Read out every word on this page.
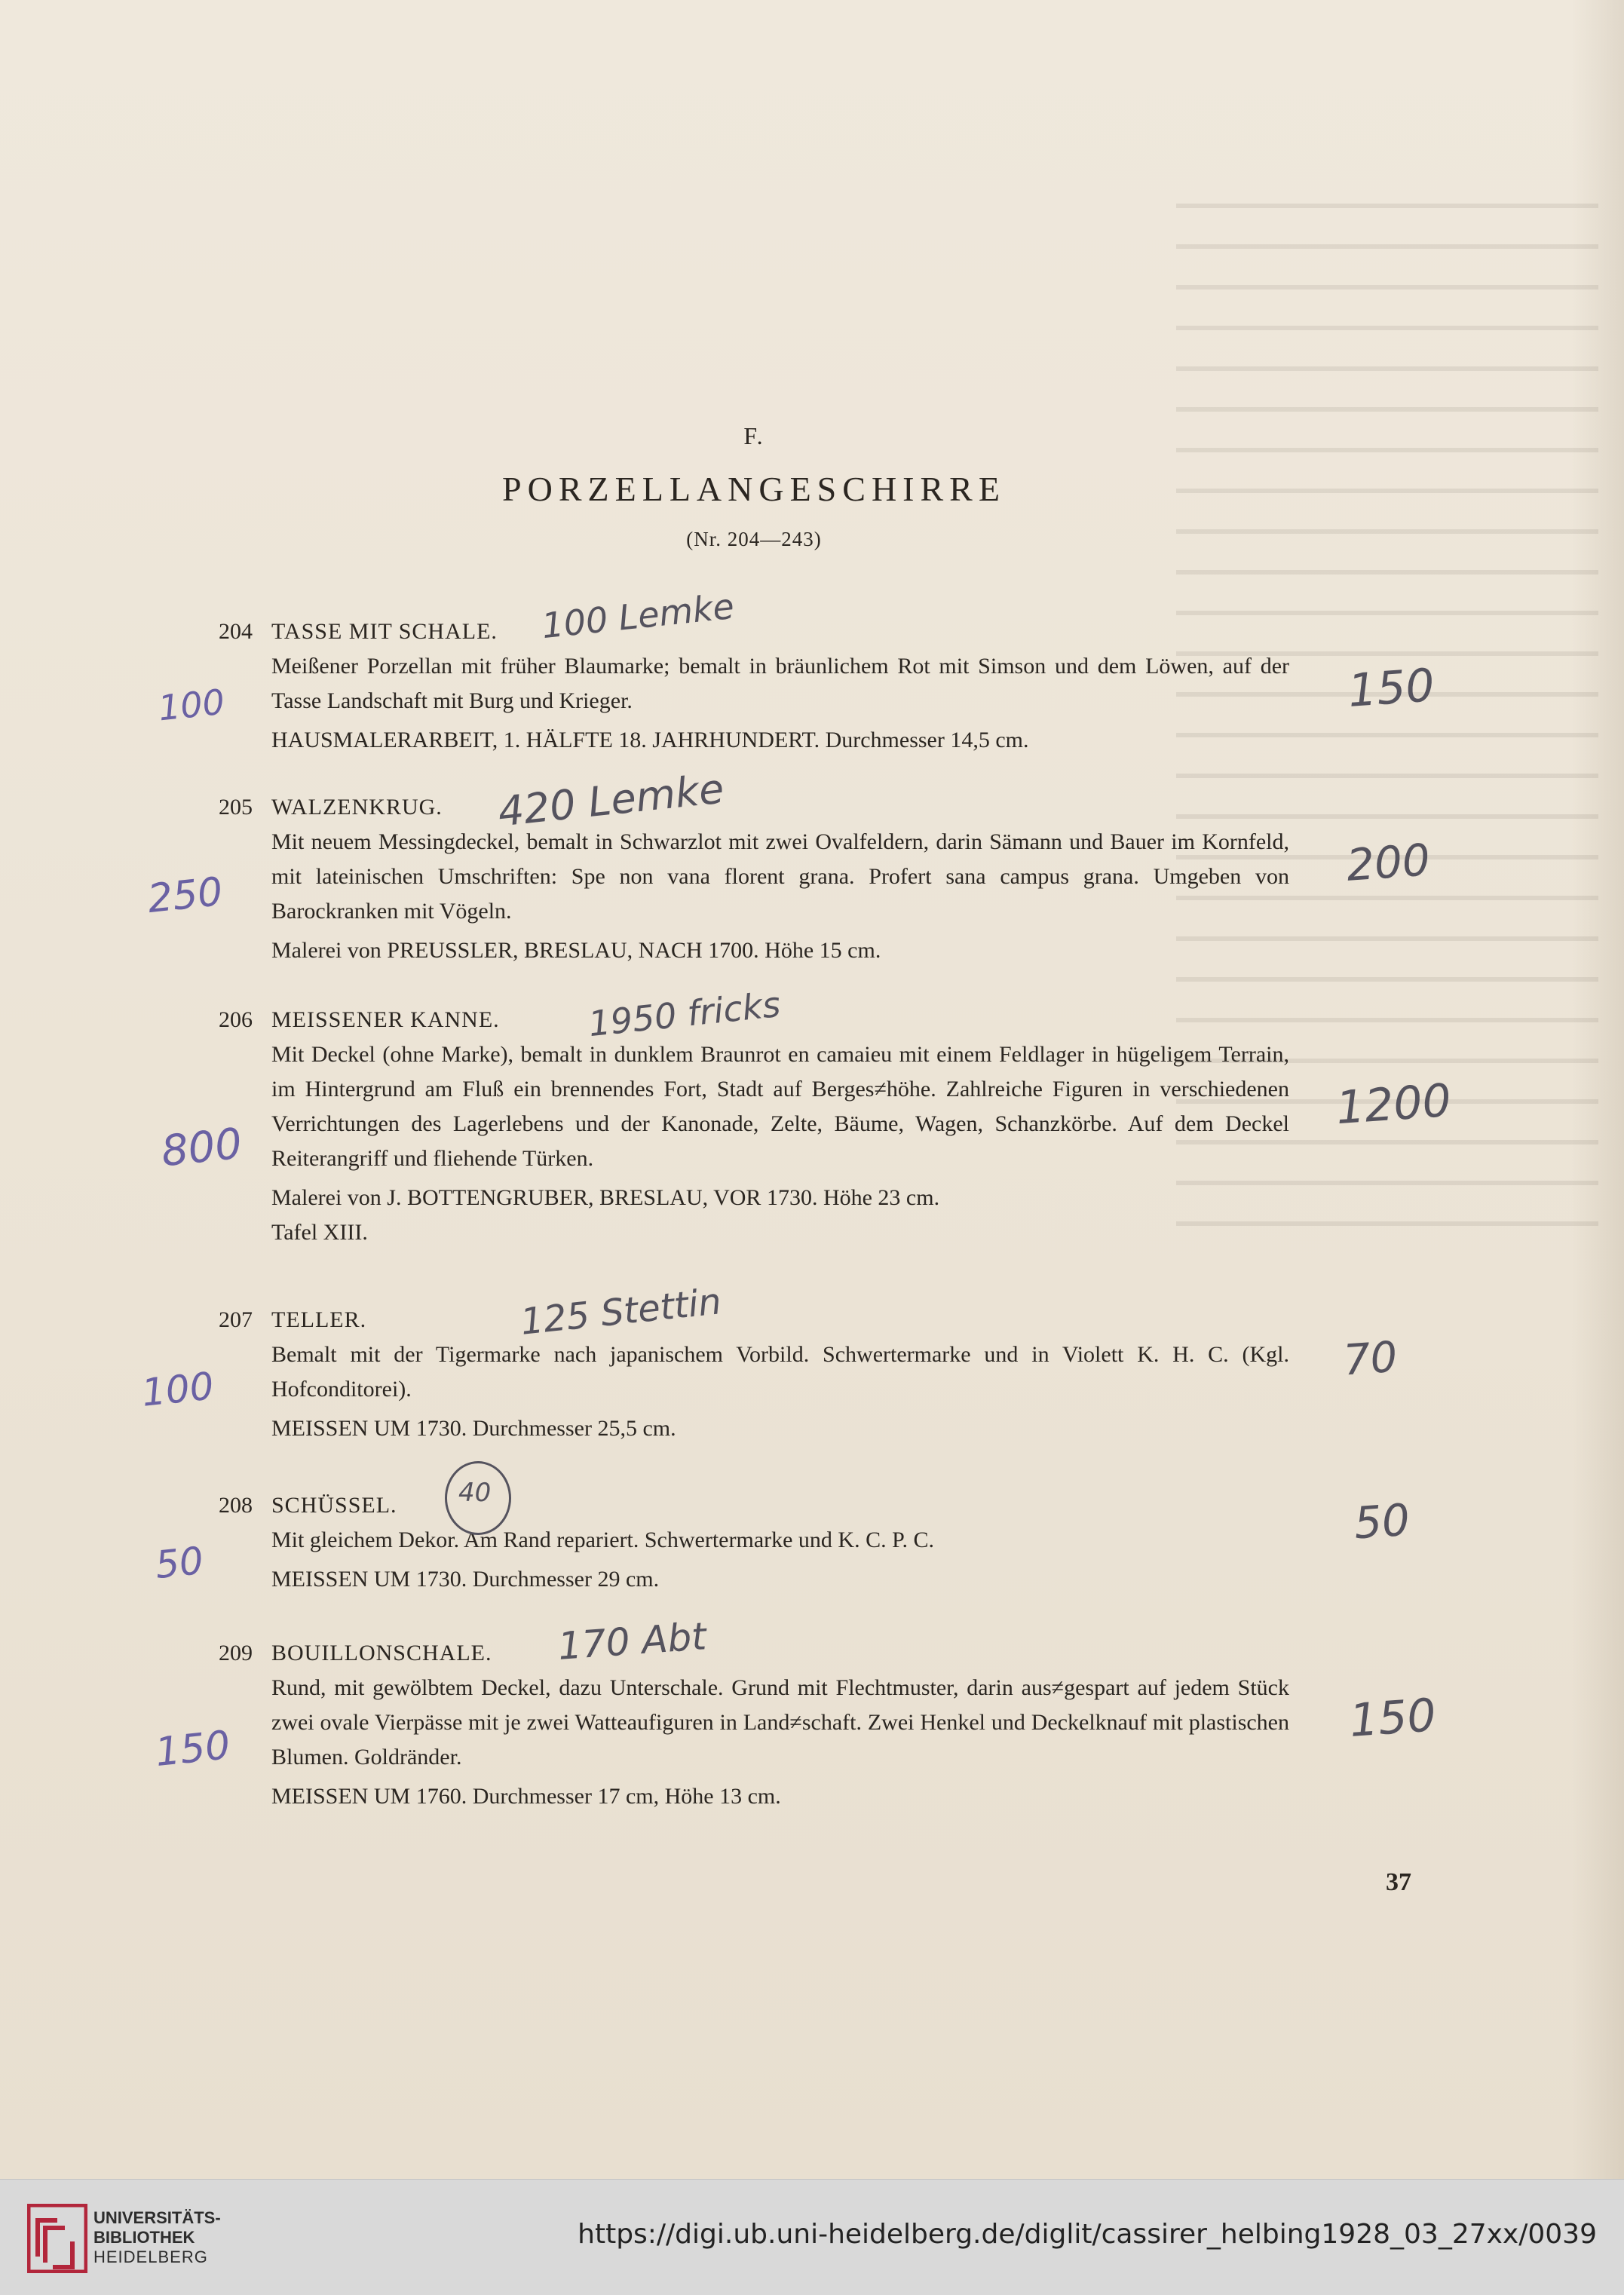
F.
PORZELLANGESCHIRRE
(Nr. 204—243)
204 TASSE MIT SCHALE.

Meißener Porzellan mit früher Blaumarke; bemalt in bräunlichem Rot mit Simson und dem Löwen, auf der Tasse Landschaft mit Burg und Krieger.

HAUSMALERARBEIT, 1. HÄLFTE 18. JAHRHUNDERT. Durchmesser 14,5 cm.

100 Lemke
100	150
205 WALZENKRUG.

Mit neuem Messingdeckel, bemalt in Schwarzlot mit zwei Ovalfeldern, darin Sämann und Bauer im Kornfeld, mit lateinischen Umschriften: Spe non vana florent grana. Profert sana campus grana. Umgeben von Barockranken mit Vögeln.

Malerei von PREUSSLER, BRESLAU, NACH 1700. Höhe 15 cm.

420 Lemke
250
200
206 MEISSENER KANNE.

Mit Deckel (ohne Marke), bemalt in dunklem Braunrot en camaieu mit einem Feldlager in hügeligem Terrain, im Hintergrund am Fluß ein brennendes Fort, Stadt auf Berges≠höhe. Zahlreiche Figuren in verschiedenen Verrichtungen des Lagerlebens und der Kanonade, Zelte, Bäume, Wagen, Schanzkörbe. Auf dem Deckel Reiterangriff und fliehende Türken.

Malerei von J. BOTTENGRUBER, BRESLAU, VOR 1730. Höhe 23 cm.

Tafel XIII.

1950 fricks
800
1200
207 TELLER.

Bemalt mit der Tigermarke nach japanischem Vorbild. Schwertermarke und in Violett K. H. C. (Kgl. Hofconditorei).

MEISSEN UM 1730. Durchmesser 25,5 cm.

125 Stettin
100
70
208 SCHÜSSEL.

Mit gleichem Dekor. Am Rand repariert. Schwertermarke und K. C. P. C.

MEISSEN UM 1730. Durchmesser 29 cm.

40
50
50
209 BOUILLONSCHALE.

Rund, mit gewölbtem Deckel, dazu Unterschale. Grund mit Flechtmuster, darin aus≠gespart auf jedem Stück zwei ovale Vierpässe mit je zwei Watteaufiguren in Land≠schaft. Zwei Henkel und Deckelknauf mit plastischen Blumen. Goldränder.

MEISSEN UM 1760. Durchmesser 17 cm, Höhe 13 cm.

170 Abt
150
150
37
UNIVERSITÄTS-
BIBLIOTHEK
HEIDELBERG
https://digi.ub.uni-heidelberg.de/diglit/cassirer_helbing1928_03_27xx/0039
